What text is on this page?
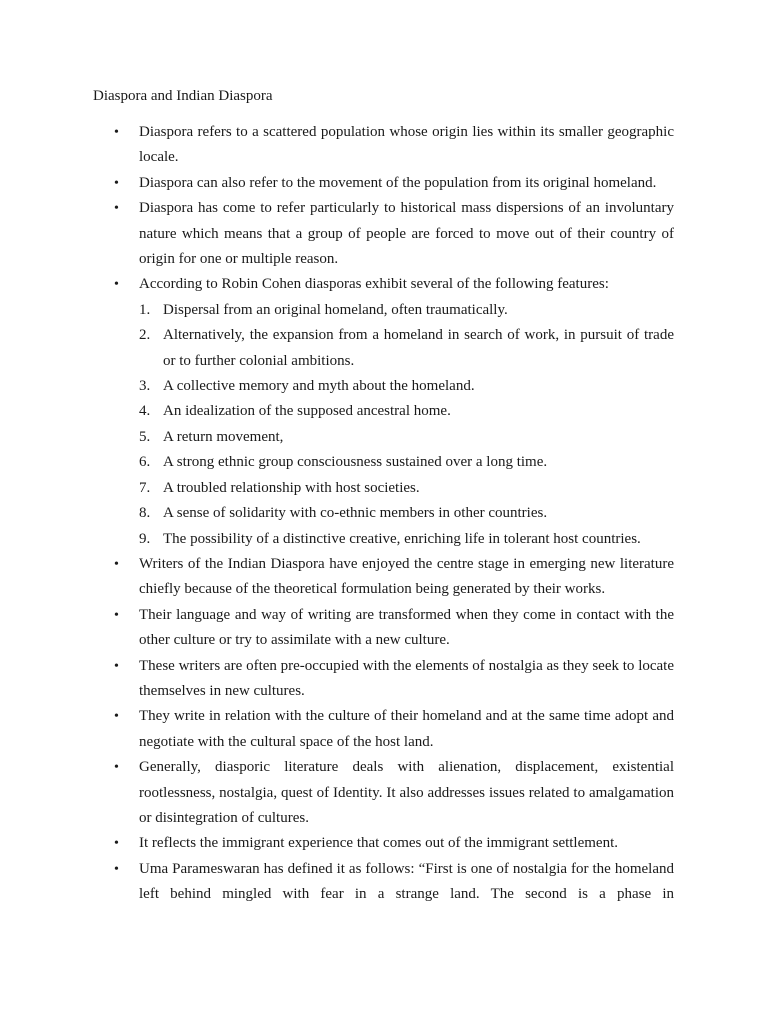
Diaspora and Indian Diaspora
•	Diaspora refers to a scattered population whose origin lies within its smaller geographic locale.
•	Diaspora can also refer to the movement of the population from its original homeland.
•	Diaspora has come to refer particularly to historical mass dispersions of an involuntary nature which means that a group of people are forced to move out of their country of origin for one or multiple reason.
•	According to Robin Cohen diasporas exhibit several of the following features:
1. Dispersal from an original homeland, often traumatically.
2. Alternatively, the expansion from a homeland in search of work, in pursuit of trade or to further colonial ambitions.
3. A collective memory and myth about the homeland.
4. An idealization of the supposed ancestral home.
5. A return movement,
6. A strong ethnic group consciousness sustained over a long time.
7. A troubled relationship with host societies.
8. A sense of solidarity with co-ethnic members in other countries.
9. The possibility of a distinctive creative, enriching life in tolerant host countries.
•	Writers of the Indian Diaspora have enjoyed the centre stage in emerging new literature chiefly because of the theoretical formulation being generated by their works.
•	Their language and way of writing are transformed when they come in contact with the other culture or try to assimilate with a new culture.
•	These writers are often pre-occupied with the elements of nostalgia as they seek to locate themselves in new cultures.
•	They write in relation with the culture of their homeland and at the same time adopt and negotiate with the cultural space of the host land.
•	Generally, diasporic literature deals with alienation, displacement, existential rootlessness, nostalgia, quest of Identity. It also addresses issues related to amalgamation or disintegration of cultures.
•	It reflects the immigrant experience that comes out of the immigrant settlement.
•	Uma Parameswaran has defined it as follows: “First is one of nostalgia for the homeland left behind mingled with fear in a strange land. The second is a phase in
